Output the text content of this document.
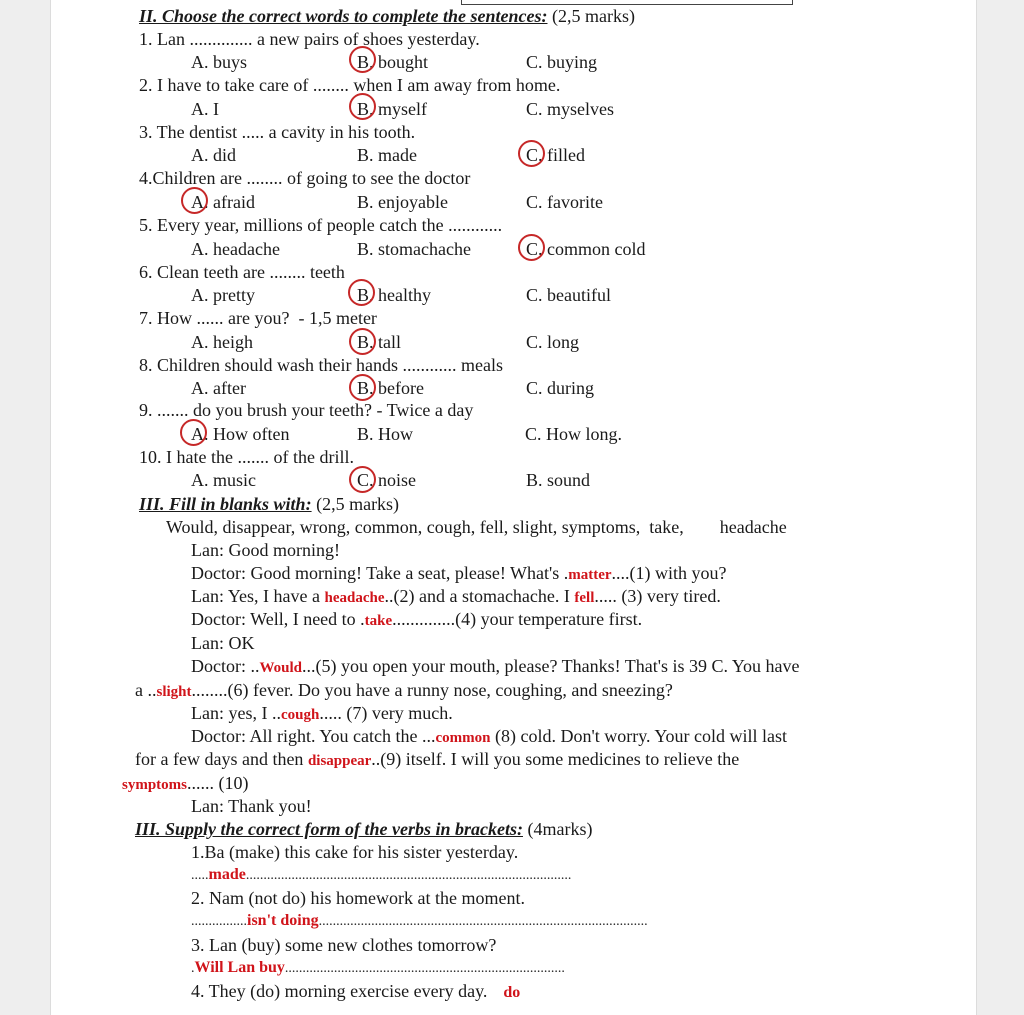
II. Choose the correct words to complete the sentences: (2,5 marks)
1. Lan .............. a new pairs of shoes yesterday.
A. buys	B. bought	C. buying
2. I have to take care of ........ when I am away from home.
A. I	B. myself	C. myselves
3. The dentist ..... a cavity in his tooth.
A. did	B. made	C. filled
4.Children are ........ of going to see the doctor
A. afraid	B. enjoyable	C. favorite
5. Every year, millions of people catch the ............
A. headache	B. stomachache	C. common cold
6. Clean teeth are ........ teeth
A. pretty	B. healthy	C. beautiful
7. How ...... are you?  - 1,5 meter
A. heigh	B. tall	C. long
8. Children should wash their hands ............ meals
A. after	B. before	C. during
9. ....... do you brush your teeth? - Twice a day
A. How often	B. How	C. How long.
10. I hate the ....... of the drill.
A. music	C. noise	B. sound
III. Fill in blanks with: (2,5 marks)
Would, disappear, wrong, common, cough, fell, slight, symptoms,  take,        headache
Lan: Good morning!
Doctor: Good morning! Take a seat, please! What's .matter....(1) with you?
Lan: Yes, I have a headache..(2) and a stomachache. I fell..... (3) very tired.
Doctor: Well, I need to .take..............(4) your temperature first.
Lan: OK
Doctor: ..Would...(5) you open your mouth, please? Thanks! That's is 39 C. You have
a ..slight........(6) fever. Do you have a runny nose, coughing, and sneezing?
Lan: yes, I ..cough..... (7) very much.
Doctor: All right. You catch the ...common (8) cold. Don't worry. Your cold will last
for a few days and then disappear..(9) itself. I will you some medicines to relieve the
symptoms...... (10)
Lan: Thank you!
III. Supply the correct form of the verbs in brackets: (4marks)
1.Ba (make) this cake for his sister yesterday.
.....made.............................................................................................
2. Nam (not do) his homework at the moment.
................isn't doing..............................................................................................
3. Lan (buy) some new clothes tomorrow?
.Will Lan buy................................................................................
4. They (do) morning exercise every day. do
